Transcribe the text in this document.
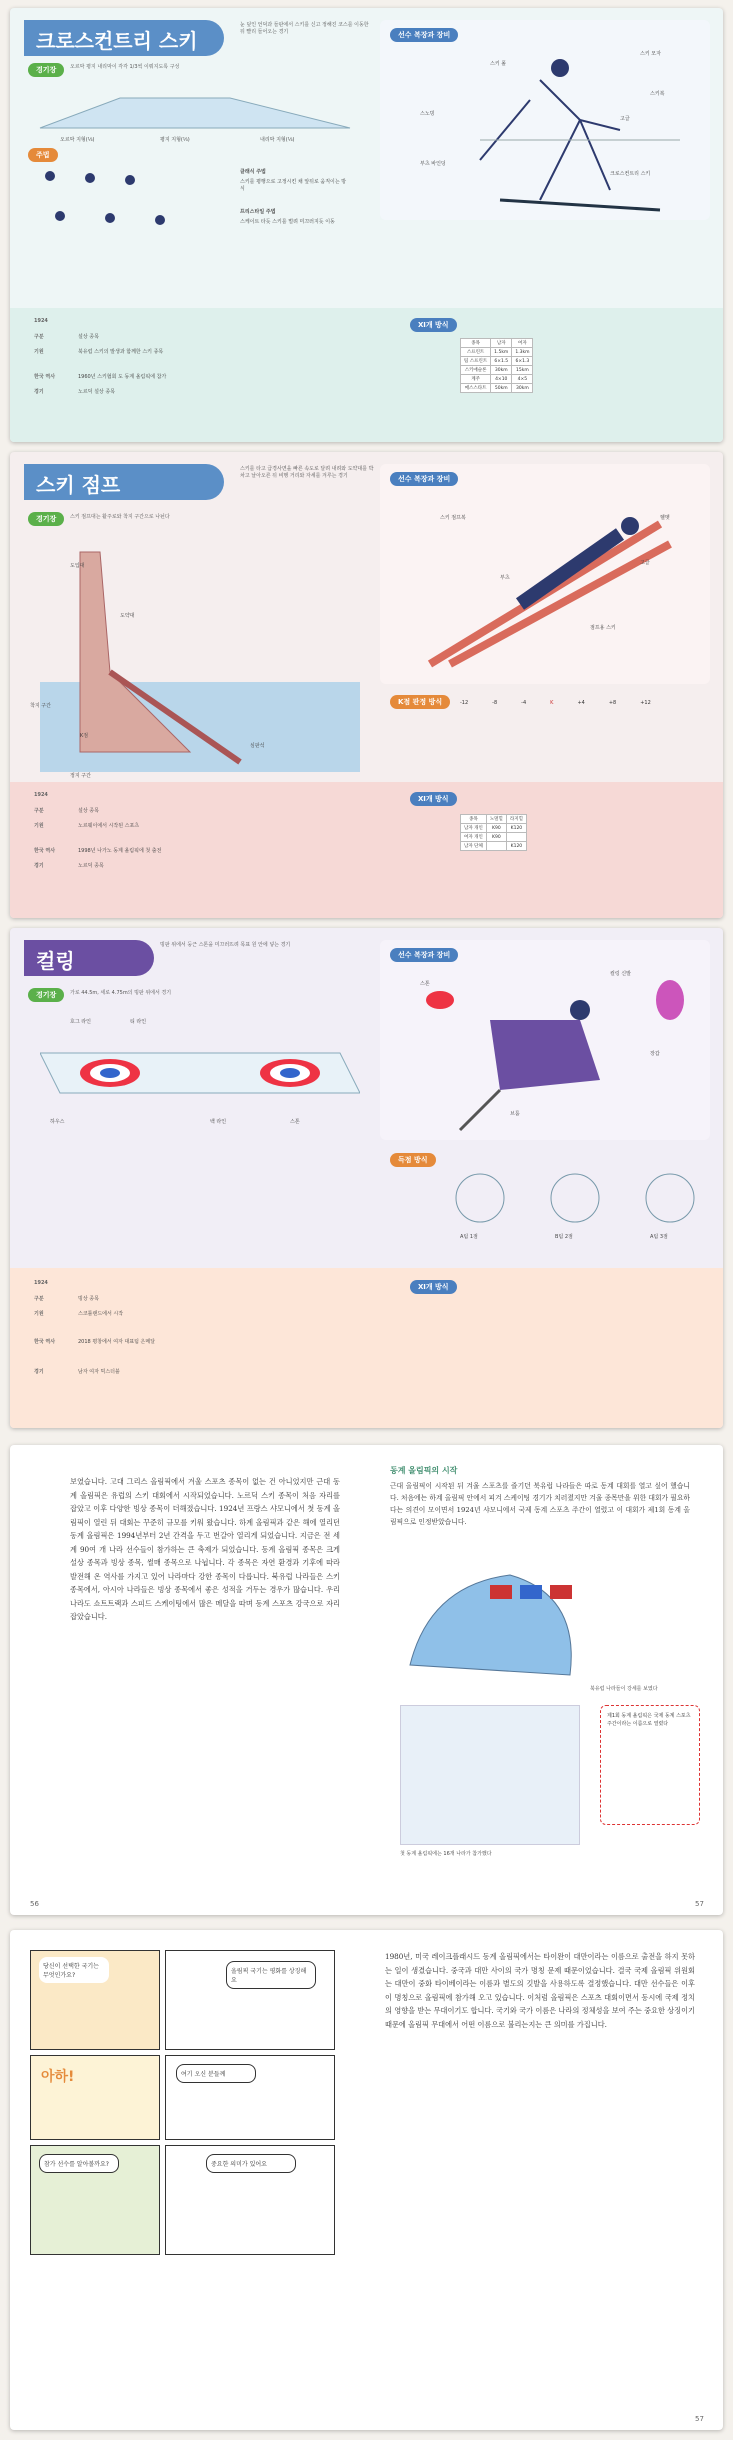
크로스컨트리 스키
눈 덮인 언덕과 들판에서 스키를 신고 정해진 코스를 이동한 뒤 빨리 들어오는 경기	선수 복장과 장비
스키 폴
스키 모자
스키복
고글
스노빙
부츠 바인딩
크로스컨트리 스키
경기장	오르막 평지 내리막이 각각 1/3씩 이뤄지도록 구성
오르막 지형(⅓)	평지 지형(⅓)	내리막 지형(⅓)
주법
클래식 주법
스키를 평행으로 고정시킨 채 앞뒤로 움직이는 방식
프리스타일 주법
스케이트 타듯 스키를 벌려 미끄러지듯 이동
1924
구분	설상 종목
기원	북유럽 스키의 발생과 함께한 스키 종목
한국 역사	1960년 스키협회 도 동계 올림픽에 참가
경기	노르딕 설상 종목
Ⅺ개 방식
종목	남자	여자
스프린트	1.5km	1.3km
팀 스프린트	6×1.5	6×1.3
스키애슬론	30km	15km
계주	4×10	4×5
매스스타트	50km	30km
스키 점프
스키를 타고 급경사면을 빠른 속도로 달려 내려와 도약대를 박차고 날아오른 뒤 비행 거리와 자세를 겨루는 경기
경기장	스키 점프대는 활주로와 착지 구간으로 나뉜다
도입대
도약대
착지 구간
K점
정지 구간
심판석
선수 복장과 장비
헬멧
고글
스키 점프복
점프용 스키
부츠
K점 판정 방식	-12	-8	-4	K	+4	+8	+12
1924
구분	설상 종목
기원	노르웨이에서 시작된 스포츠
한국 역사	1998년 나가노 동계 올림픽에 첫 출전
경기	노르딕 종목
Ⅺ개 방식
종목	노멀힐	라지힐
남자 개인	K90	K120
여자 개인	K90	
남자 단체		K120
컬링
빙판 위에서 둥근 스톤을 미끄러뜨려 목표 원 안에 넣는 경기
경기장	가로 44.5m, 세로 4.75m의 빙판 위에서 경기
호그 라인	티 라인
하우스	백 라인	스톤
선수 복장과 장비
컬링 신발
스톤
브룸
장갑
득점 방식
A팀 1점	B팀 2점	A팀 3점
1924
구분	빙상 종목
기원	스코틀랜드에서 시작
한국 역사	2018 평창에서 여자 대표팀 은메달
경기	남자 여자 믹스더블
Ⅺ개 방식
보였습니다. 고대 그리스 올림픽에서 겨울 스포츠 종목이 없는 건 아니었지만 근대 동계 올림픽은 유럽의 스키 대회에서 시작되었습니다. 노르딕 스키 종목이 처음 자리를 잡았고 이후 다양한 빙상 종목이 더해졌습니다. 1924년 프랑스 샤모니에서 첫 동계 올림픽이 열린 뒤 대회는 꾸준히 규모를 키워 왔습니다. 하계 올림픽과 같은 해에 열리던 동계 올림픽은 1994년부터 2년 간격을 두고 번갈아 열리게 되었습니다. 지금은 전 세계 90여 개 나라 선수들이 참가하는 큰 축제가 되었습니다. 동계 올림픽 종목은 크게 설상 종목과 빙상 종목, 썰매 종목으로 나뉩니다. 각 종목은 자연 환경과 기후에 따라 발전해 온 역사를 가지고 있어 나라마다 강한 종목이 다릅니다. 북유럽 나라들은 스키 종목에서, 아시아 나라들은 빙상 종목에서 좋은 성적을 거두는 경우가 많습니다. 우리나라도 쇼트트랙과 스피드 스케이팅에서 많은 메달을 따며 동계 스포츠 강국으로 자리 잡았습니다.
56
동계 올림픽의 시작
근대 올림픽이 시작된 뒤 겨울 스포츠를 즐기던 북유럽 나라들은 따로 동계 대회를 열고 싶어 했습니다. 처음에는 하계 올림픽 안에서 피겨 스케이팅 경기가 치러졌지만 겨울 종목만을 위한 대회가 필요하다는 의견이 모이면서 1924년 샤모니에서 국제 동계 스포츠 주간이 열렸고 이 대회가 제1회 동계 올림픽으로 인정받았습니다.
북유럽 나라들이 강세를 보였다
첫 동계 올림픽에는 16개 나라가 참가했다
제1회 동계 올림픽은 국제 동계 스포츠 주간이라는 이름으로 열렸다
57
당신이 선택한 국기는 무엇인가요?
올림픽 국기는 평화를 상징해요
아하!	여기 오신 분들께
참가 선수를 알아볼까요?	중요한 의미가 있어요
1980년, 미국 레이크플래시드 동계 올림픽에서는 타이완이 대만이라는 이름으로 출전을 하지 못하는 일이 생겼습니다. 중국과 대만 사이의 국가 명칭 문제 때문이었습니다. 결국 국제 올림픽 위원회는 대만이 중화 타이베이라는 이름과 별도의 깃발을 사용하도록 결정했습니다. 대만 선수들은 이후 이 명칭으로 올림픽에 참가해 오고 있습니다. 이처럼 올림픽은 스포츠 대회이면서 동시에 국제 정치의 영향을 받는 무대이기도 합니다. 국기와 국가 이름은 나라의 정체성을 보여 주는 중요한 상징이기 때문에 올림픽 무대에서 어떤 이름으로 불리는지는 큰 의미를 가집니다.
57
